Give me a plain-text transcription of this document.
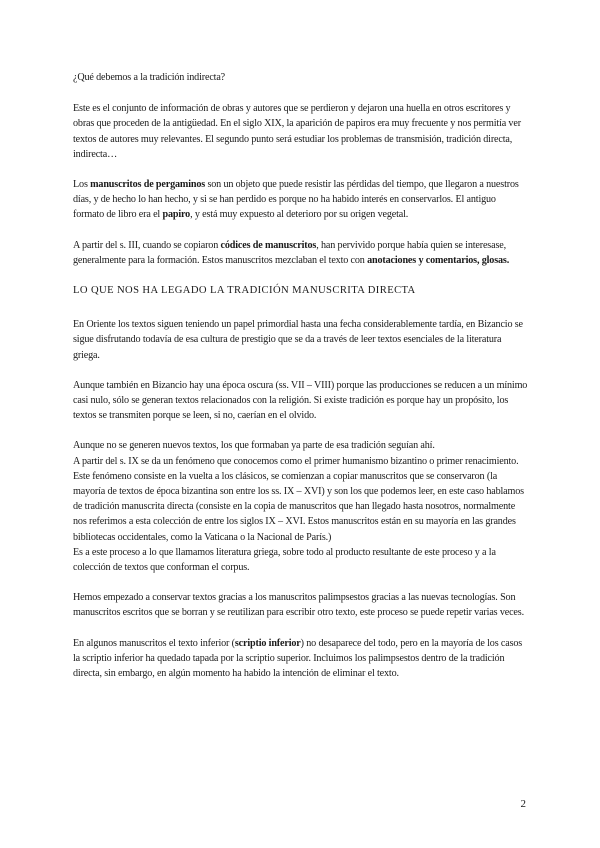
¿Qué debemos a la tradición indirecta?

Este es el conjunto de información de obras y autores que se perdieron y dejaron una huella en otros escritores y obras que proceden de la antigüedad. En el siglo XIX, la aparición de papiros era muy frecuente y nos permitía ver textos de autores muy relevantes. El segundo punto será estudiar los problemas de transmisión, tradición directa, indirecta…

Los manuscritos de pergaminos son un objeto que puede resistir las pérdidas del tiempo, que llegaron a nuestros días, y de hecho lo han hecho, y si se han perdido es porque no ha habido interés en conservarlos. El antiguo formato de libro era el papiro, y está muy expuesto al deterioro por su origen vegetal.

A partir del s. III, cuando se copiaron códices de manuscritos, han pervivido porque había quien se interesase, generalmente para la formación. Estos manuscritos mezclaban el texto con anotaciones y comentarios, glosas.

LO QUE NOS HA LEGADO LA TRADICIÓN MANUSCRITA DIRECTA

En Oriente los textos siguen teniendo un papel primordial hasta una fecha considerablemente tardía, en Bizancio se sigue disfrutando todavía de esa cultura de prestigio que se da a través de leer textos esenciales de la literatura griega.

Aunque también en Bizancio hay una época oscura (ss. VII – VIII) porque las producciones se reducen a un mínimo casi nulo, sólo se generan textos relacionados con la religión. Si existe tradición es porque hay un propósito, los textos se transmiten porque se leen, si no, caerían en el olvido.

Aunque no se generen nuevos textos, los que formaban ya parte de esa tradición seguían ahí.

A partir del s. IX se da un fenómeno que conocemos como el primer humanismo bizantino o primer renacimiento. Este fenómeno consiste en la vuelta a los clásicos, se comienzan a copiar manuscritos que se conservaron (la mayoría de textos de época bizantina son entre los ss. IX – XVI) y son los que podemos leer, en este caso hablamos de tradición manuscrita directa (consiste en la copia de manuscritos que han llegado hasta nosotros, normalmente nos referimos a esta colección de entre los siglos IX – XVI. Estos manuscritos están en su mayoría en las grandes bibliotecas occidentales, como la Vaticana o la Nacional de París.)

Es a este proceso a lo que llamamos literatura griega, sobre todo al producto resultante de este proceso y a la colección de textos que conforman el corpus.

Hemos empezado a conservar textos gracias a los manuscritos palimpsestos gracias a las nuevas tecnologías. Son manuscritos escritos que se borran y se reutilizan para escribir otro texto, este proceso se puede repetir varias veces.

En algunos manuscritos el texto inferior (scriptio inferior) no desaparece del todo, pero en la mayoría de los casos la scriptio inferior ha quedado tapada por la scriptio superior. Incluimos los palimpsestos dentro de la tradición directa, sin embargo, en algún momento ha habido la intención de eliminar el texto.

2
